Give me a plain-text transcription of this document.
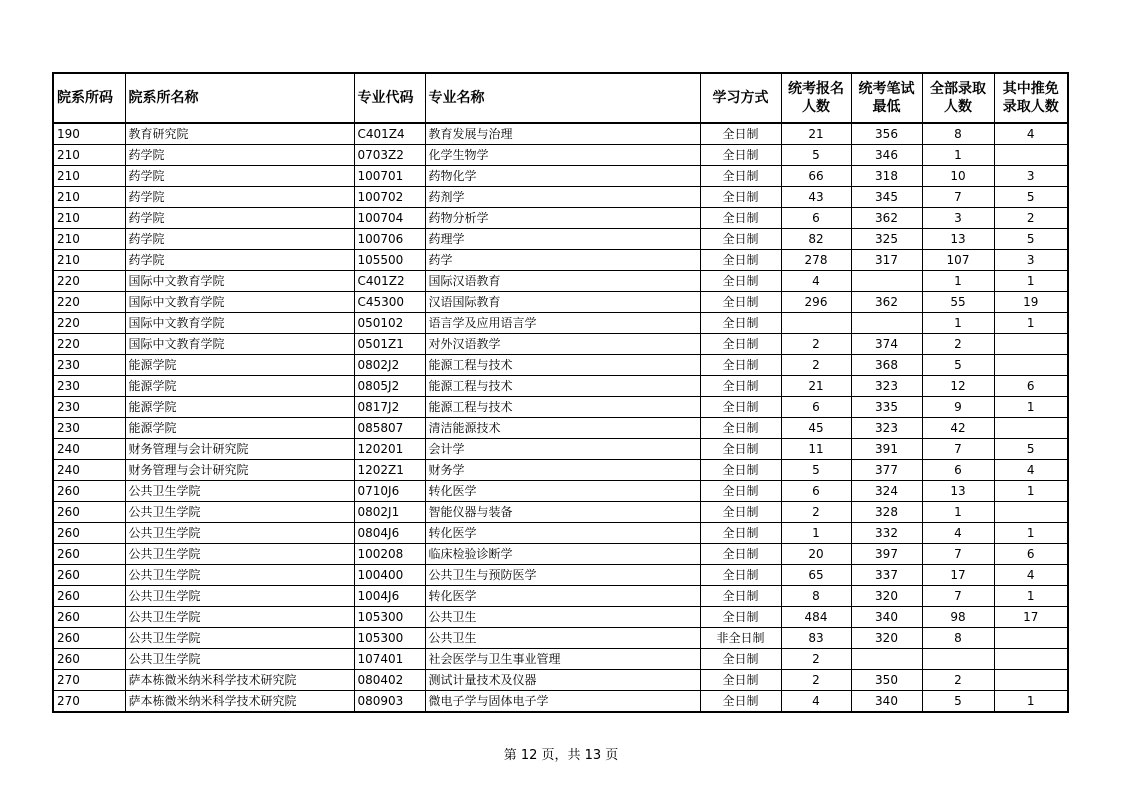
院系所码	院系所名称	专业代码	专业名称	学习方式	统考报名人数	统考笔试最低	全部录取人数	其中推免录取人数
190	教育研究院	C401Z4	教育发展与治理	全日制	21	356	8	4
210	药学院	0703Z2	化学生物学	全日制	5	346	1	
210	药学院	100701	药物化学	全日制	66	318	10	3
210	药学院	100702	药剂学	全日制	43	345	7	5
210	药学院	100704	药物分析学	全日制	6	362	3	2
210	药学院	100706	药理学	全日制	82	325	13	5
210	药学院	105500	药学	全日制	278	317	107	3
220	国际中文教育学院	C401Z2	国际汉语教育	全日制	4		1	1
220	国际中文教育学院	C45300	汉语国际教育	全日制	296	362	55	19
220	国际中文教育学院	050102	语言学及应用语言学	全日制			1	1
220	国际中文教育学院	0501Z1	对外汉语教学	全日制	2	374	2	
230	能源学院	0802J2	能源工程与技术	全日制	2	368	5	
230	能源学院	0805J2	能源工程与技术	全日制	21	323	12	6
230	能源学院	0817J2	能源工程与技术	全日制	6	335	9	1
230	能源学院	085807	清洁能源技术	全日制	45	323	42	
240	财务管理与会计研究院	120201	会计学	全日制	11	391	7	5
240	财务管理与会计研究院	1202Z1	财务学	全日制	5	377	6	4
260	公共卫生学院	0710J6	转化医学	全日制	6	324	13	1
260	公共卫生学院	0802J1	智能仪器与装备	全日制	2	328	1	
260	公共卫生学院	0804J6	转化医学	全日制	1	332	4	1
260	公共卫生学院	100208	临床检验诊断学	全日制	20	397	7	6
260	公共卫生学院	100400	公共卫生与预防医学	全日制	65	337	17	4
260	公共卫生学院	1004J6	转化医学	全日制	8	320	7	1
260	公共卫生学院	105300	公共卫生	全日制	484	340	98	17
260	公共卫生学院	105300	公共卫生	非全日制	83	320	8	
260	公共卫生学院	107401	社会医学与卫生事业管理	全日制	2			
270	萨本栋微米纳米科学技术研究院	080402	测试计量技术及仪器	全日制	2	350	2	
270	萨本栋微米纳米科学技术研究院	080903	微电子学与固体电子学	全日制	4	340	5	1
第 12 页，共 13 页
